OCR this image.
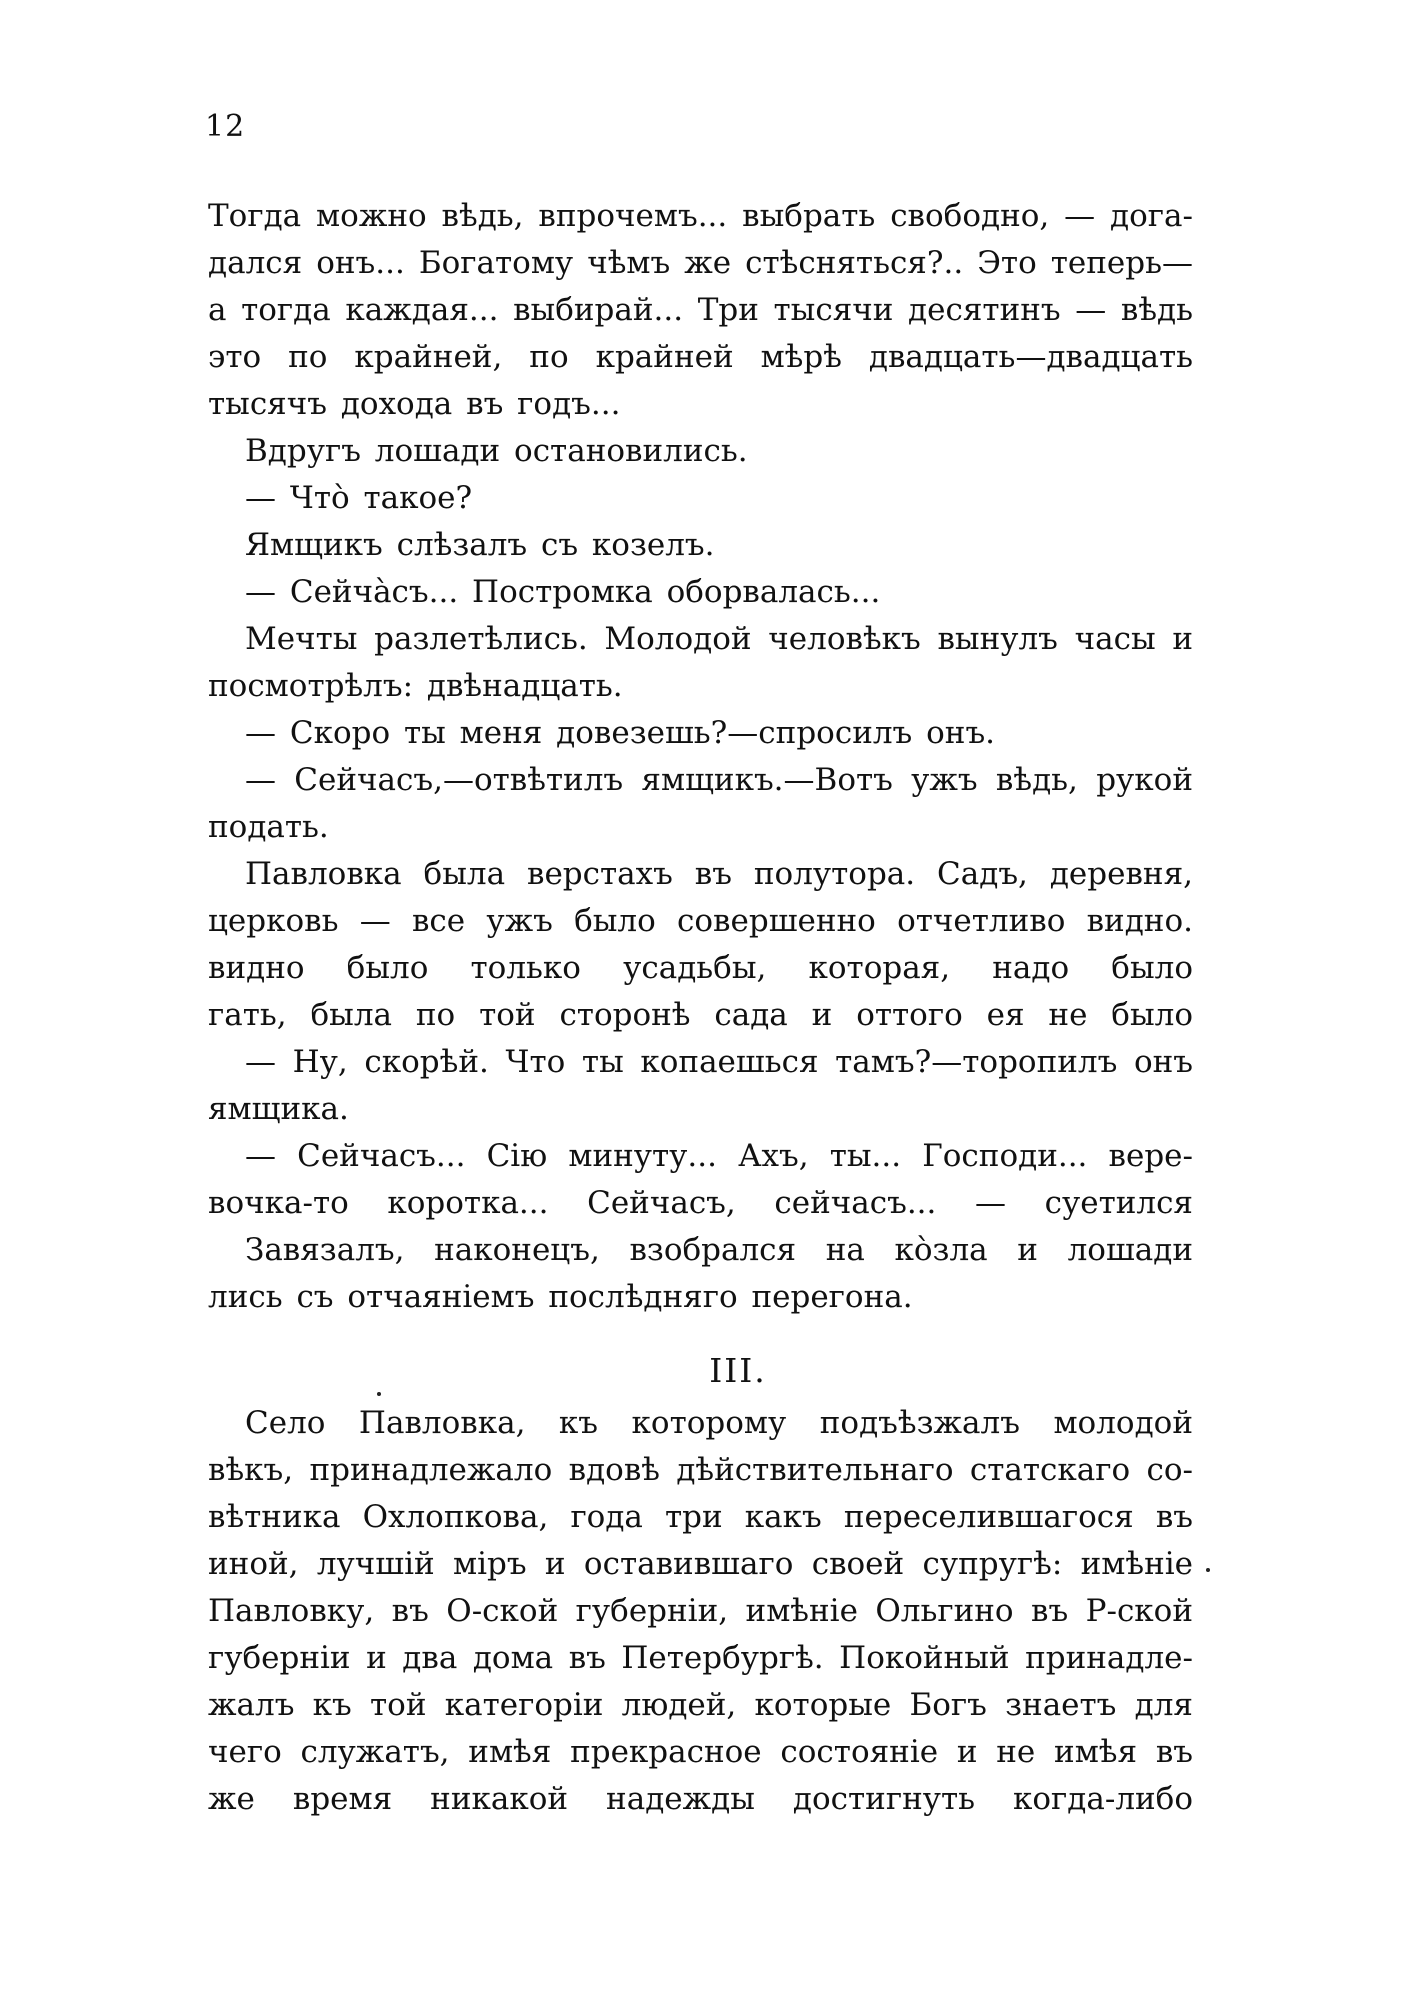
12
Тогда можно вѣдь, впрочемъ... выбрать свободно, — дога-
дался онъ... Богатому чѣмъ же стѣсняться?.. Это теперь—
а тогда каждая... выбирай... Три тысячи десятинъ — вѣдь
это по крайней, по крайней мѣрѣ двадцать—двадцать
тысячъ дохода въ годъ...
Вдругъ лошади остановились.
— Что̀ такое?
Ямщикъ слѣзалъ съ козелъ.
— Сейча̀съ... Постромка оборвалась...
Мечты разлетѣлись. Молодой человѣкъ вынулъ часы и
посмотрѣлъ: двѣнадцать.
— Скоро ты меня довезешь?—спросилъ онъ.
— Сейчасъ,—отвѣтилъ ямщикъ.—Вотъ ужъ вѣдь, рукой
подать.
Павловка была верстахъ въ полутора. Садъ, деревня,
церковь — все ужъ было совершенно отчетливо видно.
видно было только усадьбы, которая, надо было
гать, была по той сторонѣ сада и оттого ея не было
— Ну, скорѣй. Что ты копаешься тамъ?—торопилъ онъ
ямщика.
— Сейчасъ... Сію минуту... Ахъ, ты... Господи... вере-
вочка-то коротка... Сейчасъ, сейчасъ... — суетился
Завязалъ, наконецъ, взобрался на ко̀зла и лошади
лись съ отчаяніемъ послѣдняго перегона.
III.
Село Павловка, къ которому подъѣзжалъ молодой
вѣкъ, принадлежало вдовѣ дѣйствительнаго статскаго со-
вѣтника Охлопкова, года три какъ переселившагося въ
иной, лучшій міръ и оставившаго своей супругѣ: имѣніе
Павловку, въ О-ской губерніи, имѣніе Ольгино въ Р-ской
губерніи и два дома въ Петербургѣ. Покойный принадле-
жалъ къ той категоріи людей, которые Богъ знаетъ для
чего служатъ, имѣя прекрасное состояніе и не имѣя въ
же время никакой надежды достигнуть когда-либо
